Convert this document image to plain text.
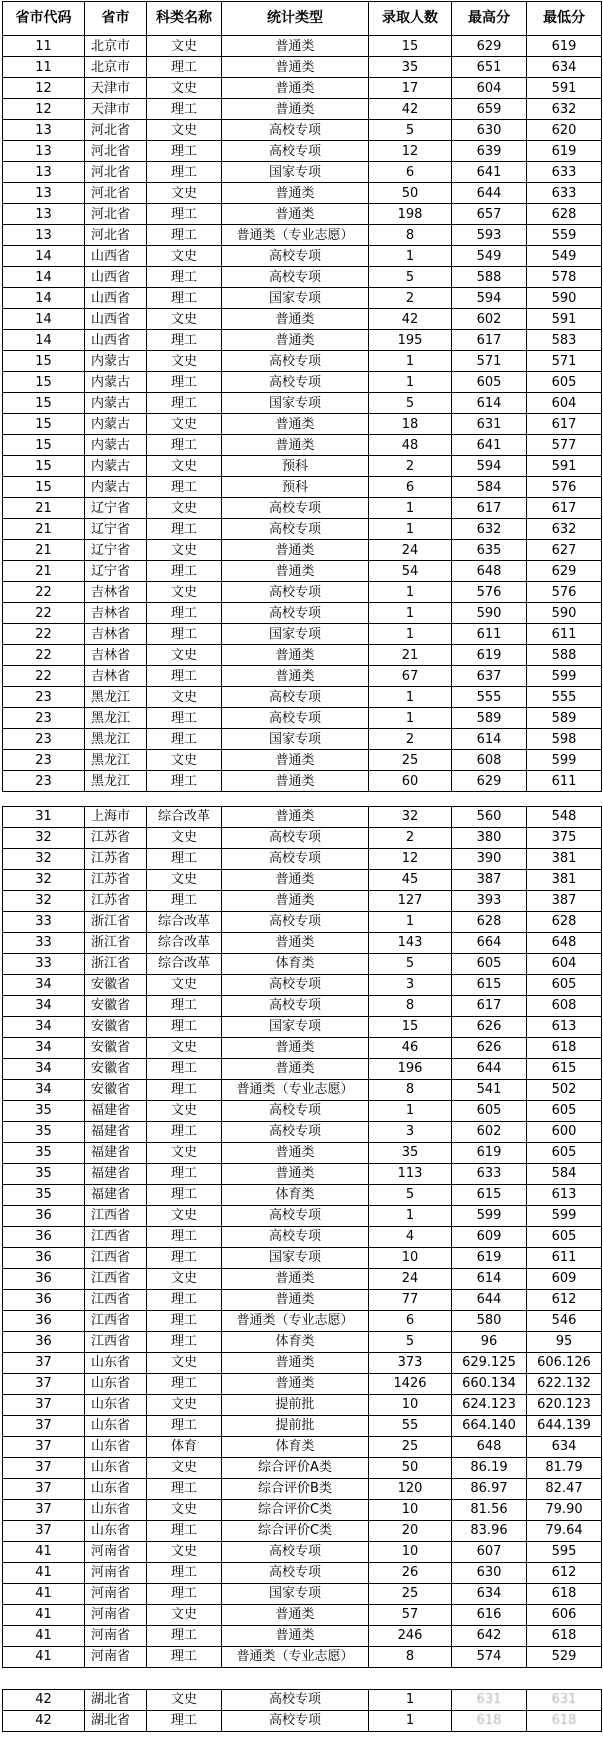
省市代码	省市	科类名称	统计类型	录取人数	最高分	最低分
11	北京市	文史	普通类	15	629	619
11	北京市	理工	普通类	35	651	634
12	天津市	文史	普通类	17	604	591
12	天津市	理工	普通类	42	659	632
13	河北省	文史	高校专项	5	630	620
13	河北省	理工	高校专项	12	639	619
13	河北省	理工	国家专项	6	641	633
13	河北省	文史	普通类	50	644	633
13	河北省	理工	普通类	198	657	628
13	河北省	理工	普通类（专业志愿）	8	593	559
14	山西省	文史	高校专项	1	549	549
14	山西省	理工	高校专项	5	588	578
14	山西省	理工	国家专项	2	594	590
14	山西省	文史	普通类	42	602	591
14	山西省	理工	普通类	195	617	583
15	内蒙古	文史	高校专项	1	571	571
15	内蒙古	理工	高校专项	1	605	605
15	内蒙古	理工	国家专项	5	614	604
15	内蒙古	文史	普通类	18	631	617
15	内蒙古	理工	普通类	48	641	577
15	内蒙古	文史	预科	2	594	591
15	内蒙古	理工	预科	6	584	576
21	辽宁省	文史	高校专项	1	617	617
21	辽宁省	理工	高校专项	1	632	632
21	辽宁省	文史	普通类	24	635	627
21	辽宁省	理工	普通类	54	648	629
22	吉林省	文史	高校专项	1	576	576
22	吉林省	理工	高校专项	1	590	590
22	吉林省	理工	国家专项	1	611	611
22	吉林省	文史	普通类	21	619	588
22	吉林省	理工	普通类	67	637	599
23	黑龙江	文史	高校专项	1	555	555
23	黑龙江	理工	高校专项	1	589	589
23	黑龙江	理工	国家专项	2	614	598
23	黑龙江	文史	普通类	25	608	599
23	黑龙江	理工	普通类	60	629	611
31	上海市	综合改革	普通类	32	560	548
32	江苏省	文史	高校专项	2	380	375
32	江苏省	理工	高校专项	12	390	381
32	江苏省	文史	普通类	45	387	381
32	江苏省	理工	普通类	127	393	387
33	浙江省	综合改革	高校专项	1	628	628
33	浙江省	综合改革	普通类	143	664	648
33	浙江省	综合改革	体育类	5	605	604
34	安徽省	文史	高校专项	3	615	605
34	安徽省	理工	高校专项	8	617	608
34	安徽省	理工	国家专项	15	626	613
34	安徽省	文史	普通类	46	626	618
34	安徽省	理工	普通类	196	644	615
34	安徽省	理工	普通类（专业志愿）	8	541	502
35	福建省	文史	高校专项	1	605	605
35	福建省	理工	高校专项	3	602	600
35	福建省	文史	普通类	35	619	605
35	福建省	理工	普通类	113	633	584
35	福建省	理工	体育类	5	615	613
36	江西省	文史	高校专项	1	599	599
36	江西省	理工	高校专项	4	609	605
36	江西省	理工	国家专项	10	619	611
36	江西省	文史	普通类	24	614	609
36	江西省	理工	普通类	77	644	612
36	江西省	理工	普通类（专业志愿）	6	580	546
36	江西省	理工	体育类	5	96	95
37	山东省	文史	普通类	373	629.125	606.126
37	山东省	理工	普通类	1426	660.134	622.132
37	山东省	文史	提前批	10	624.123	620.123
37	山东省	理工	提前批	55	664.140	644.139
37	山东省	体育	体育类	25	648	634
37	山东省	文史	综合评价A类	50	86.19	81.79
37	山东省	理工	综合评价B类	120	86.97	82.47
37	山东省	文史	综合评价C类	10	81.56	79.90
37	山东省	理工	综合评价C类	20	83.96	79.64
41	河南省	文史	高校专项	10	607	595
41	河南省	理工	高校专项	26	630	612
41	河南省	理工	国家专项	25	634	618
41	河南省	文史	普通类	57	616	606
41	河南省	理工	普通类	246	642	618
41	河南省	理工	普通类（专业志愿）	8	574	529
42	湖北省	文史	高校专项	1	631	631
42	湖北省	理工	高校专项	1	618	618
